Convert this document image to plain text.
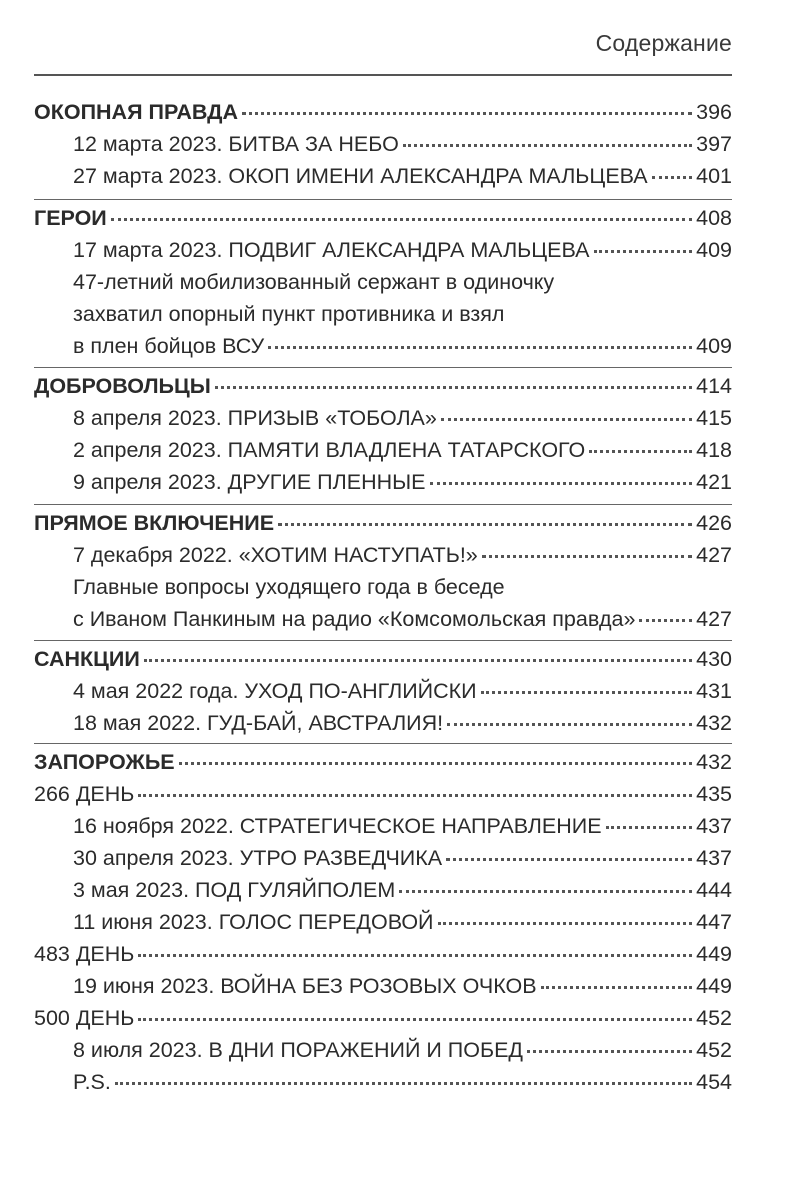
Содержание
ОКОПНАЯ ПРАВДА	396
12 марта 2023. БИТВА ЗА НЕБО	397
27 марта 2023. ОКОП ИМЕНИ АЛЕКСАНДРА МАЛЬЦЕВА 401
ГЕРОИ	408
17 марта 2023. ПОДВИГ АЛЕКСАНДРА МАЛЬЦЕВА	409
47-летний мобилизованный сержант в одиночку
захватил опорный пункт противника и взял
в плен бойцов ВСУ	409
ДОБРОВОЛЬЦЫ	414
8 апреля 2023. ПРИЗЫВ «ТОБОЛА»	415
2 апреля 2023. ПАМЯТИ ВЛАДЛЕНА ТАТАРСКОГО	418
9 апреля 2023. ДРУГИЕ ПЛЕННЫЕ	421
ПРЯМОЕ ВКЛЮЧЕНИЕ	426
7 декабря 2022. «ХОТИМ НАСТУПАТЬ!»	427
Главные вопросы уходящего года в беседе
с Иваном Панкиным на радио «Комсомольская правда»	427
САНКЦИИ	430
4 мая 2022 года. УХОД ПО-АНГЛИЙСКИ	431
18 мая 2022. ГУД-БАЙ, АВСТРАЛИЯ!	432
ЗАПОРОЖЬЕ	432
266 ДЕНЬ	435
16 ноября 2022. СТРАТЕГИЧЕСКОЕ НАПРАВЛЕНИЕ	437
30 апреля 2023. УТРО РАЗВЕДЧИКА	437
3 мая 2023. ПОД ГУЛЯЙПОЛЕМ	444
11 июня 2023. ГОЛОС ПЕРЕДОВОЙ	447
483 ДЕНЬ	449
19 июня 2023. ВОЙНА БЕЗ РОЗОВЫХ ОЧКОВ	449
500 ДЕНЬ	452
8 июля 2023. В ДНИ ПОРАЖЕНИЙ И ПОБЕД	452
P.S.	454
